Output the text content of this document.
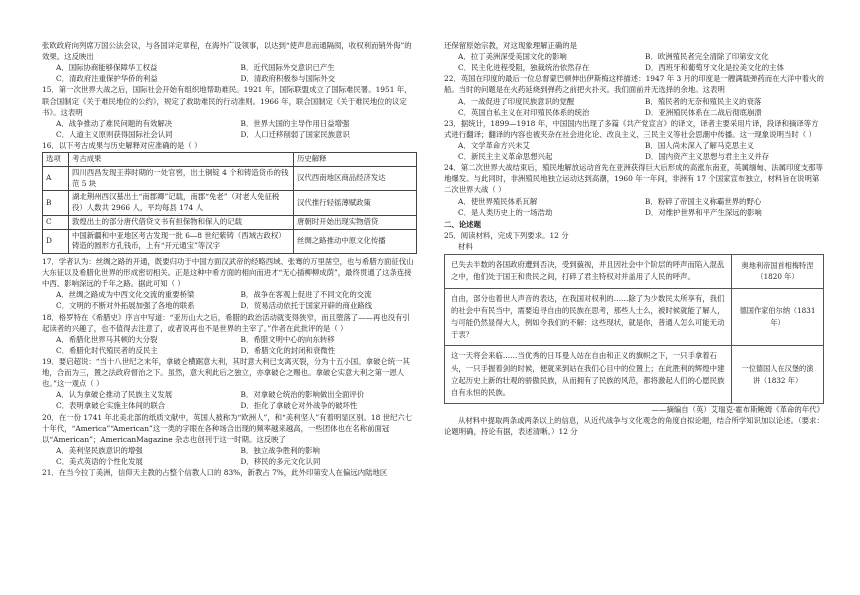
张欧政府向列席万国公法会议，与各国详定章程，在海外广设领事，以达到“使声息而通隔阂，收权利而销外侮”的效果。这反映出

A．国际协商能够保障华工权益	B．近代国际外交意识已产生
C．清政府注重保护华侨的利益	D．清政府积极参与国际外交

15．第一次世界大战之后，国际社会开始有组织地帮助难民。1921 年，国际联盟成立了国际难民署。1951 年，联合国制定《关于难民地位的公约》，规定了救助难民的行动准则。1966 年，联合国制定《关于难民地位的议定书》。这表明

A．战争推动了难民问题的有效解决	B．世界大国的主导作用日益增强
C．人道主义原则获得国际社会认同	D．人口迁移削弱了国家民族意识

16．以下考古成果与历史解释对应准确的是（ ）

选项	考古成果	历史解释
A	四川西昌发现王莽时期的一处官窖，出土铜锭 4 个和铸造货币的钱范 5 块	汉代西南地区商品经济发达
B	湖北荆州西汉墓出土“南郡卿”记载，南郡“免老”（对老人免征税役）人数共 2966 人，平均每县 174 人	汉代推行轻徭薄赋政策
C	敦煌出土的部分唐代借贷文书有担保物和保人的记载	唐朝时开始出现实物借贷
D	中国新疆和中亚地区考古发现一批 6—8 世纪紫铸（西域古政权）铸造的圆形方孔钱币，上有“开元通宝”等汉字	丝绸之路推动中原文化传播

17．学者认为：丝绸之路的开通，既要归功于中国方面汉武帝的经略西域、张骞的万里凿空，也与希腊方面征伐山大东征以及希腊化世界的形成密切相关。正是这种中希方面的相向而进才“无心插柳柳成荫”，最终贯通了这条连接中西、影响深远的千年之路。据此可知（ ）

A．丝绸之路成为中西文化交流的重要桥梁	B．战争在客观上促进了不同文化的交流
C．文明的不断对外拓展加强了各地的联系	D．贸易活动依托于国家开辟的商业路线

18．格罗特在《希腊史》序言中写道：“亚历山大之后，希腊的政治活动就变得狭窄，而且堕落了——再也没有引起读者的兴趣了，也不值得去注意了，或者说再也不是世界的主宰了。”作者在此批评的是（ ）

A．希腊化世界马其顿的大分裂	B．希腊文明中心的向东转移
C．希腊化时代殖民者的反民主	D．希腊文化的封闭和衰微性

19．要启超说：“当十八世纪之末年，拿破仑横踞意大利，其时意大利已支离灭裂，分为十五小国。拿破仑统一其地，合而为三，置之法政府督治之下。虽然，意大利此后之独立，亦拿破仑之赐也。拿破仑实意大利之第一恩人也。”这一观点（ ）

A．认为拿破仑推动了民族主义发展	B．对拿破仑统治的影响做出全面评价
C．表明拿破仑实施主体间的联合	D．拒化了拿破仑对外战争的破坏性

20．在一份 1741 年北美北部的纸质文献中，英国人被称为“欧洲人”，和“美利坚人”有着明显区别。18 世纪六七十年代，“America”“American”这一类的字眼在各种场合出现的频率越来越高，一些团体也在名称前面冠以“American”；AmericanMagazine 杂志也创刊于这一时期。这反映了

A．美利坚民族意识的增强	B．独立战争胜利的影响
C．美式英语的个性化发展	D．移民的多元文化认同

21．在当今拉丁美洲，信仰天主教的占整个信教人口的 83%，新教占 7%，此外印第安人在偏远内陆地区

还保留原始宗教，对这现象理解正确的是

A．拉丁美洲深受美国文化的影响	B．欧洲殖民者完全清除了印第安文化
C．民主化进程受阻，独裁统治依然存在	D．西班牙和葡萄牙文化是拉美文化的主体

22．英国在印度的最后一位总督蒙巴顿伸出伊斯梅这样描述：1947 年 3 月的印度是一艘满载弹药而在大洋中着火的船。当时的问题是在火药延烧到弹药之前把火扑灭。我们面前并无选择的余地。这表明

A．一战促进了印度民族意识的觉醒	B．殖民者的无奈和殖民主义的衰落
C．英国自私主义在对印殖民体系的统治	D．亚洲殖民体系在二战后彻底崩溃

23．据统计，1899—1918 年，中国国内出现了多篇《共产党宣言》的译文，译者主要采用片译，段译和摘译等方式进行翻译；翻译的内容也被夹杂在社会进化论、改良主义、三民主义等社会思潮中传播。这一现象说明当时（ ）

A．文学革命方兴未艾	B．国人尚未深入了解马克思主义
C．新民主主义革命思想兴起	D．国内资产主义思想与君主主义并存

24．第二次世界大战结束后，殖民地解放运动首先在亚洲获得巨大后形成的高涨东南亚，英属缅甸、法属印度支那等地爆发。与此同时，非洲殖民地独立运动达到高潮，1960 年一年间，非洲有 17 个国家宣布独立，材料旨在说明第二次世界大战（ ）

A．使世界殖民体系瓦解	B．粉碎了帝国主义称霸世界的野心
C．是人类历史上的一场浩劫	D．对维护世界和平产生深远的影响

二、论述题

25．阅读材料，完成下列要求。12 分

材料

已失去半数的各国政府遭到否决，受到藐视，并且因社会中个阶层的呼声而陷入混乱之中，他们处于国王和贵民之间，打碎了君主特权对并盖用了人民的呼声。
奥地利帝国首相梅特涅（1820 年）
自由，部分也着世人声音的表达，在我国对权利的……除了为少数民太所享有，我们的社会中有民当中，需要追寻自由的民族在思考，那些人士么，被时候就能了解人，与可能仍然显得大人，例如令我们的不解：这些现状，就是你，普通人怎么可能无动于衷？
德国作家伯尔纳（1831 年）
这一天将会来临……当优秀的日耳曼人站在自由和正义的旗帜之下，一只手拿着石头，一只手握着剑的时候，便就来到站在我们心目中的位置上；在此胜利的辉煌中建立起历史上新的壮观的骄傲民族，从而拥有了民族的风范，都将激起人们的心愿民族自有永恒的民族。
一位德国人在汉堡的演讲（1832 年）

——摘编自（英）艾瑞克·霍布斯鲍姆《革命的年代》

从材料中提取两条或两条以上的信息，从近代战争与文化观念的角度自拟论题，结合所学知识加以论述。（要求：论题明确，持论有据，表述清晰。）12 分
